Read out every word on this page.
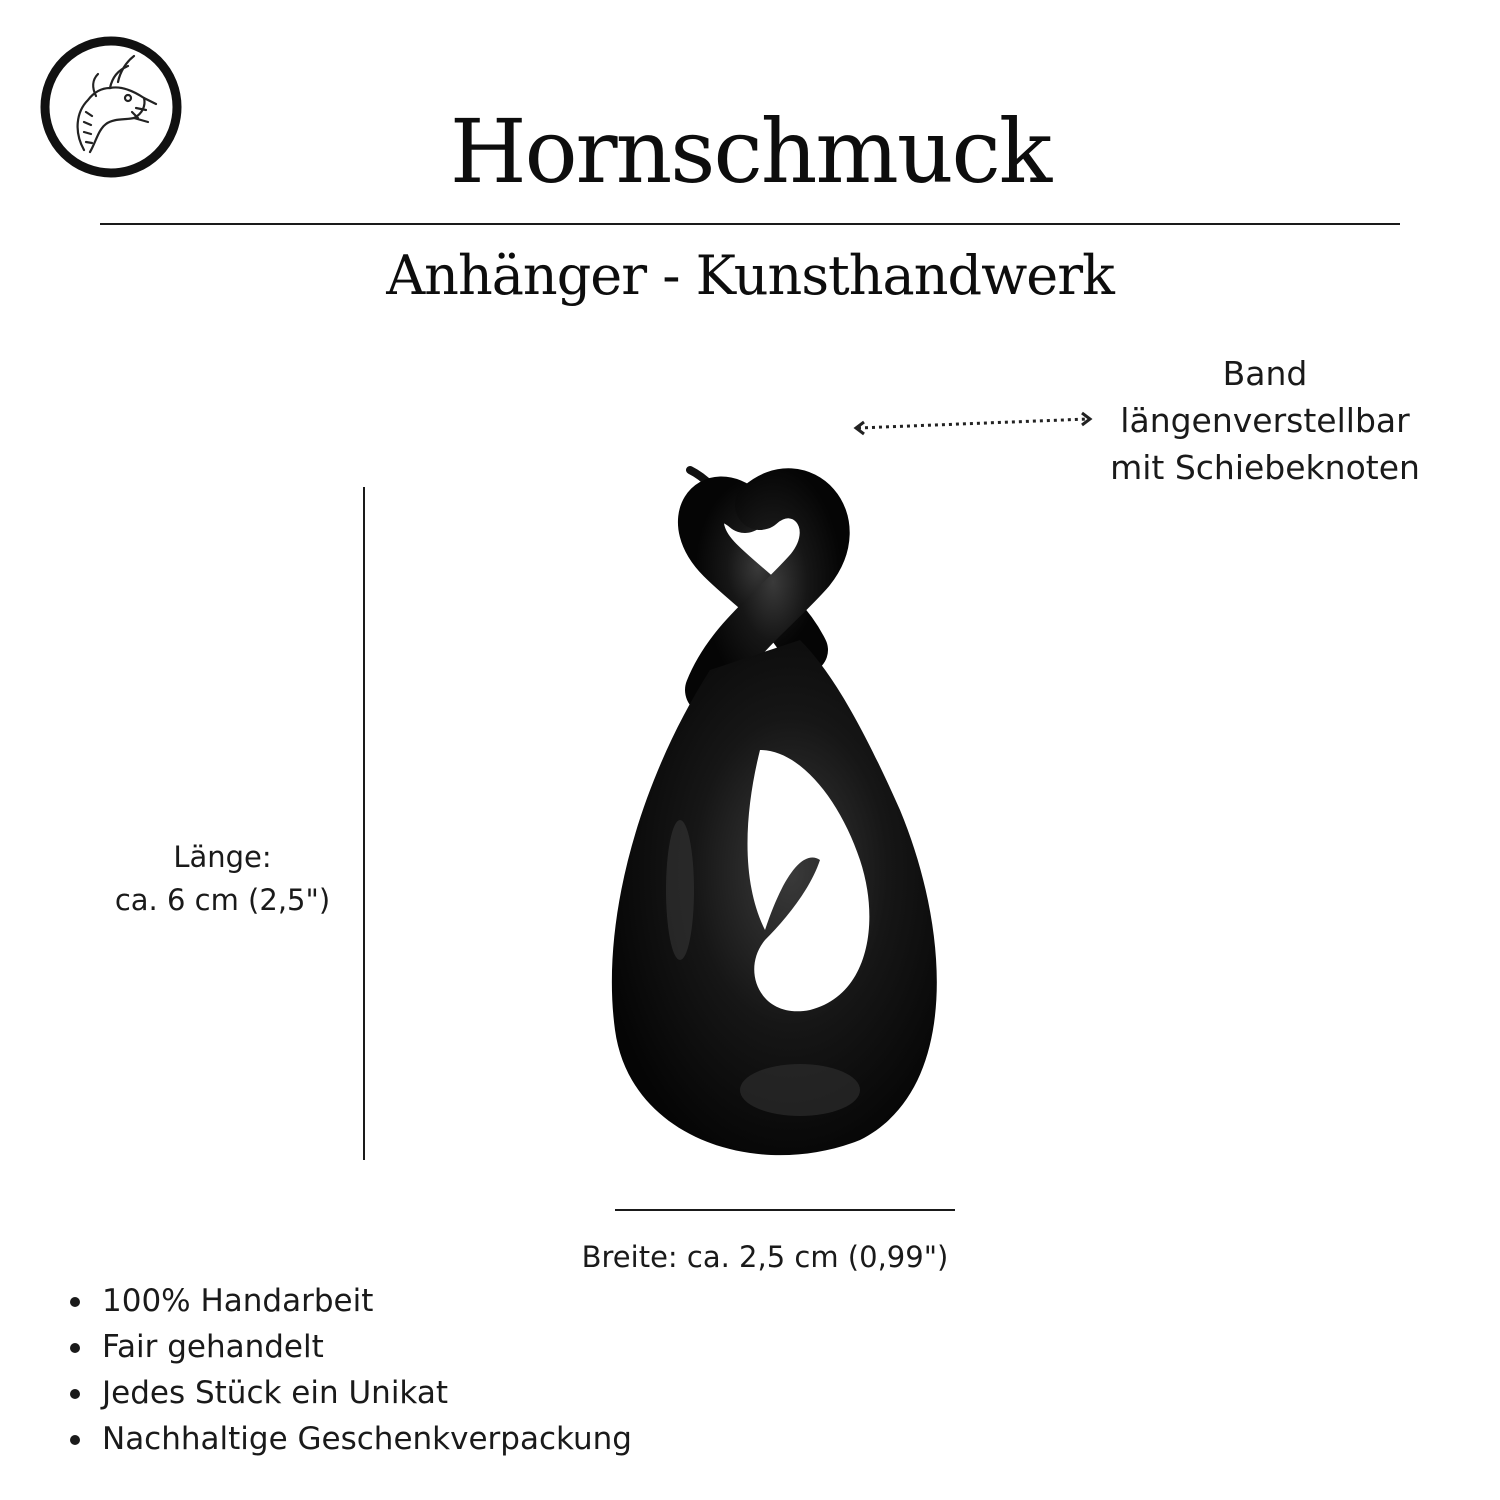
Hornschmuck
Anhänger - Kunsthandwerk
Band
längenverstellbar
mit Schiebeknoten
Länge:
ca. 6 cm (2,5")
Breite: ca. 2,5 cm (0,99")
100% Handarbeit
Fair gehandelt
Jedes Stück ein Unikat
Nachhaltige Geschenkverpackung
